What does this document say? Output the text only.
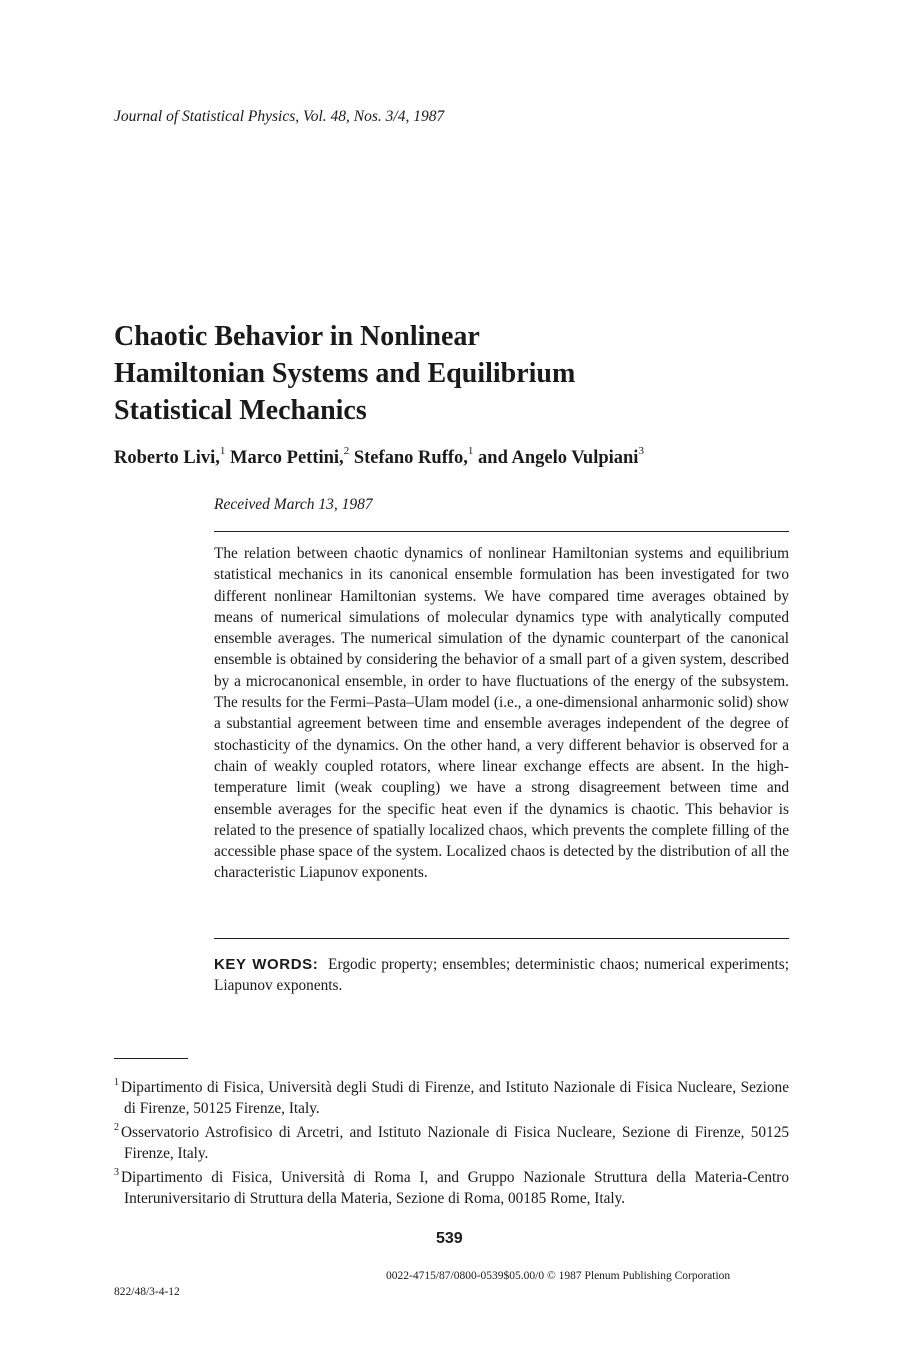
Journal of Statistical Physics, Vol. 48, Nos. 3/4, 1987
Chaotic Behavior in Nonlinear
Hamiltonian Systems and Equilibrium
Statistical Mechanics
Roberto Livi,$^1$ Marco Pettini,$^2$ Stefano Ruffo,$^1$ and Angelo Vulpiani$^3$
Received March 13, 1987
The relation between chaotic dynamics of nonlinear Hamiltonian systems and equilibrium statistical mechanics in its canonical ensemble formulation has been investigated for two different nonlinear Hamiltonian systems. We have compared time averages obtained by means of numerical simulations of molecular dynamics type with analytically computed ensemble averages. The numerical simulation of the dynamic counterpart of the canonical ensemble is obtained by considering the behavior of a small part of a given system, described by a microcanonical ensemble, in order to have fluctuations of the energy of the subsystem. The results for the Fermi–Pasta–Ulam model (i.e., a one-dimensional anharmonic solid) show a substantial agreement between time and ensemble averages independent of the degree of stochasticity of the dynamics. On the other hand, a very different behavior is observed for a chain of weakly coupled rotators, where linear exchange effects are absent. In the high-temperature limit (weak coupling) we have a strong disagreement between time and ensemble averages for the specific heat even if the dynamics is chaotic. This behavior is related to the presence of spatially localized chaos, which prevents the complete filling of the accessible phase space of the system. Localized chaos is detected by the distribution of all the characteristic Liapunov exponents.
KEY WORDS: Ergodic property; ensembles; deterministic chaos; numerical experiments; Liapunov exponents.
$^1$ Dipartimento di Fisica, Università degli Studi di Firenze, and Istituto Nazionale di Fisica Nucleare, Sezione di Firenze, 50125 Firenze, Italy.
$^2$ Osservatorio Astrofisico di Arcetri, and Istituto Nazionale di Fisica Nucleare, Sezione di Firenze, 50125 Firenze, Italy.
$^3$ Dipartimento di Fisica, Università di Roma I, and Gruppo Nazionale Struttura della Materia-Centro Interuniversitario di Struttura della Materia, Sezione di Roma, 00185 Rome, Italy.
539
0022-4715/87/0800-0539$05.00/0 © 1987 Plenum Publishing Corporation
822/48/3-4-12
